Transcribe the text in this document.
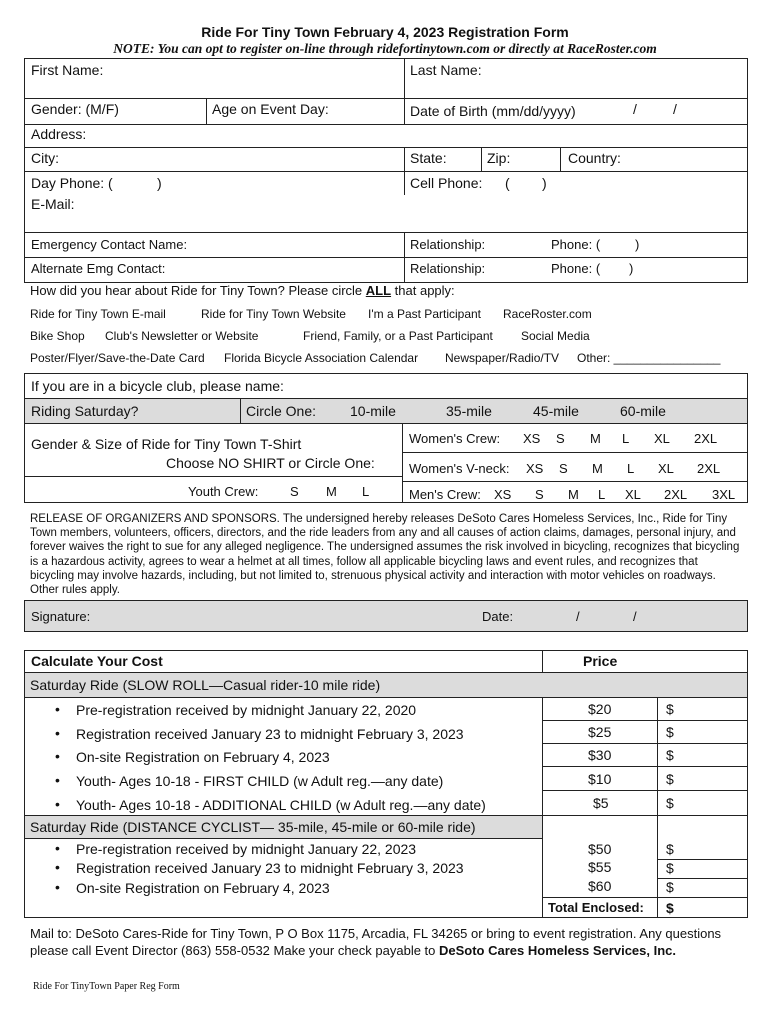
Ride For Tiny Town February 4, 2023 Registration Form
NOTE: You can opt to register on-line through ridefortinytown.com or directly at RaceRoster.com
First Name:	Last Name:
Gender: (M/F)	Age on Event Day:	Date of Birth (mm/dd/yyyy)	/	/
Address:
City:	State:	Zip:	Country:
Day Phone: (	)	Cell Phone: ( )
E-Mail:
Emergency Contact Name:	Relationship:	Phone: (	)
Alternate Emg Contact:	Relationship:	Phone: ( )
How did you hear about Ride for Tiny Town? Please circle ALL that apply:
Ride for Tiny Town E-mail	Ride for Tiny Town Website I'm a Past Participant RaceRoster.com
Bike Shop Club's Newsletter or Website	Friend, Family, or a Past Participant Social Media
Poster/Flyer/Save-the-Date Card Florida Bicycle Association Calendar Newspaper/Radio/TV Other: ________________
If you are in a bicycle club, please name:
Riding Saturday?	Circle One: 10-mile	35-mile	45-mile	60-mile
Gender & Size of Ride for Tiny Town T-Shirt
Choose NO SHIRT or Circle One:
Youth Crew: S M L
Women's Crew: XS S M L XL 2XL
Women's V-neck: XS S M L XL 2XL
Men's Crew: XS S M L XL 2XL 3XL
RELEASE OF ORGANIZERS AND SPONSORS. The undersigned hereby releases DeSoto Cares Homeless Services, Inc., Ride for Tiny Town members, volunteers, officers, directors, and the ride leaders from any and all causes of action claims, damages, personal injury, and forever waives the right to sue for any alleged negligence. The undersigned assumes the risk involved in bicycling, recognizes that bicycling is a hazardous activity, agrees to wear a helmet at all times, follow all applicable bicycling laws and event rules, and recognizes that bicycling may involve hazards, including, but not limited to, strenuous physical activity and interaction with motor vehicles on roadways. Other rules apply.
Signature:	Date:	/	/
Calculate Your Cost	Price
Saturday Ride (SLOW ROLL—Casual rider-10 mile ride)
• Pre-registration received by midnight January 22, 2020	$20	$
• Registration received January 23 to midnight February 3, 2023	$25	$
• On-site Registration on February 4, 2023	$30	$
• Youth- Ages 10-18 - FIRST CHILD (w Adult reg.—any date)	$10	$
• Youth- Ages 10-18 - ADDITIONAL CHILD (w Adult reg.—any date)	$5	$
Saturday Ride (DISTANCE CYCLIST— 35-mile, 45-mile or 60-mile ride)
• Pre-registration received by midnight January 22, 2023	$50	$
• Registration received January 23 to midnight February 3, 2023	$55	$
• On-site Registration on February 4, 2023	$60	$
Total Enclosed: $
Mail to: DeSoto Cares-Ride for Tiny Town, P O Box 1175, Arcadia, FL 34265 or bring to event registration. Any questions please call Event Director (863) 558-0532 Make your check payable to DeSoto Cares Homeless Services, Inc.
Ride For TinyTown Paper Reg Form
